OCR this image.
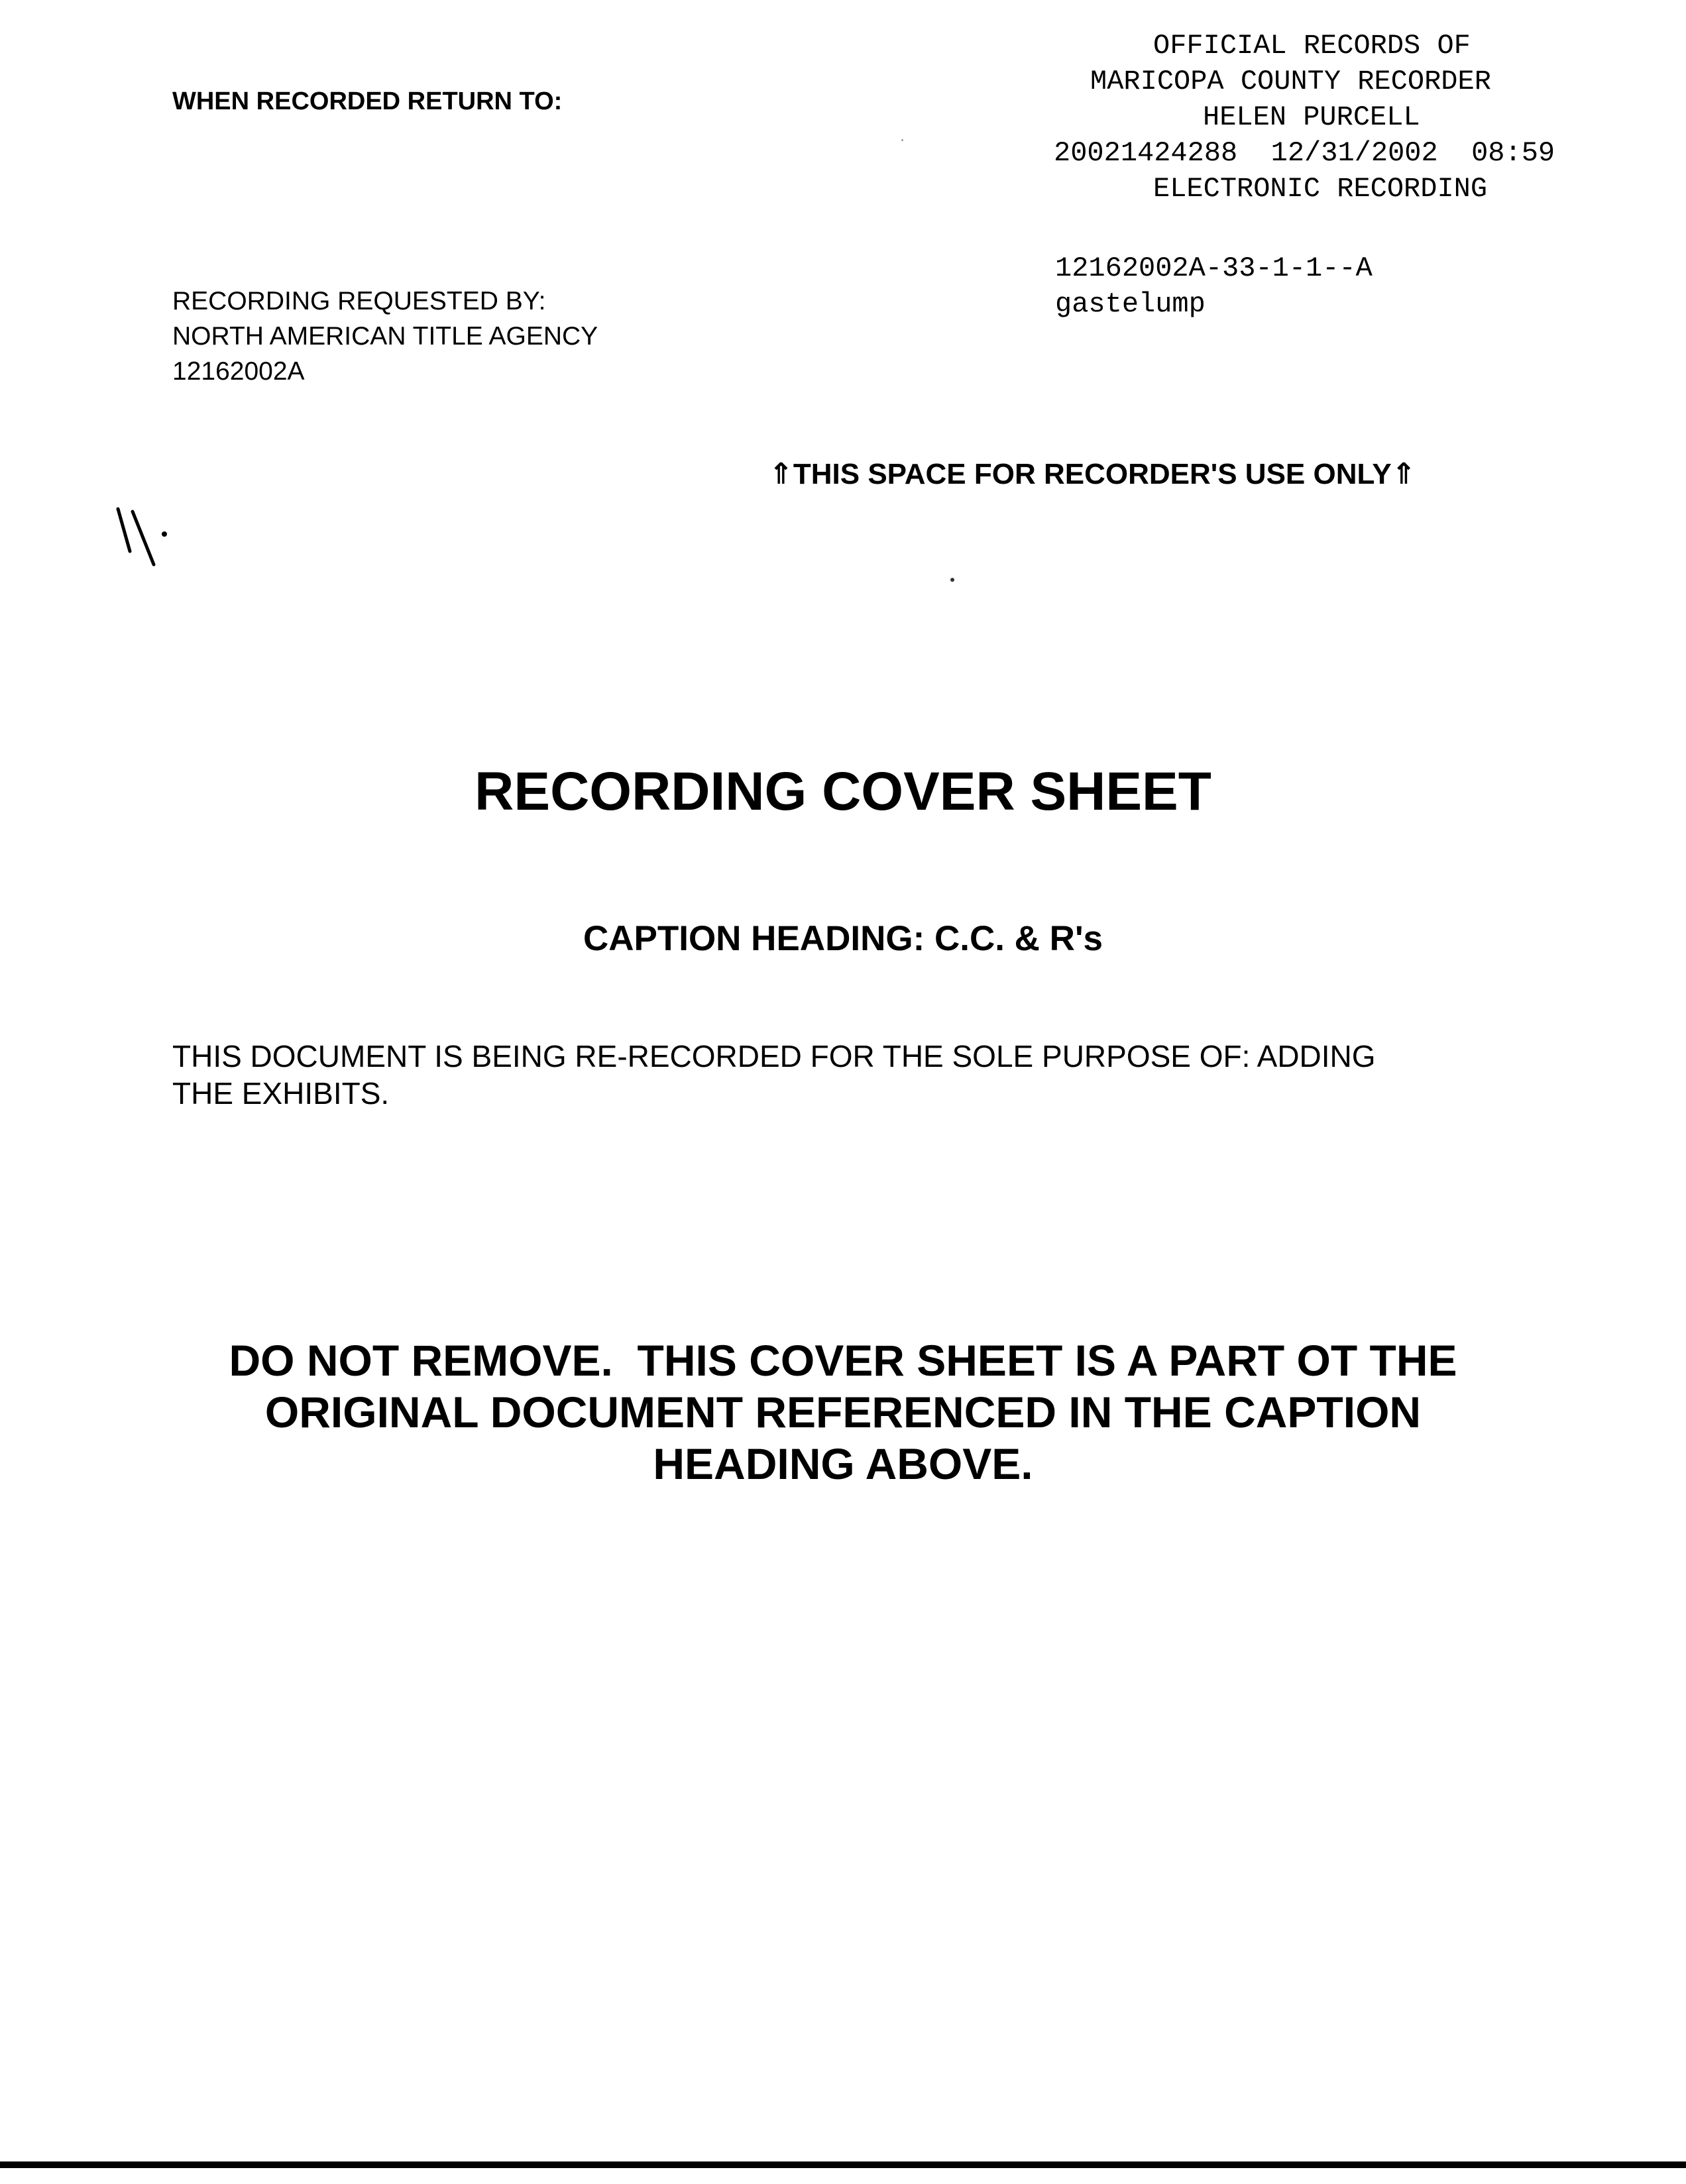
WHEN RECORDED RETURN TO:
OFFICIAL RECORDS OF
MARICOPA COUNTY RECORDER
HELEN PURCELL
20021424288  12/31/2002  08:59
ELECTRONIC RECORDING
12162002A-33-1-1--A
gastelump
RECORDING REQUESTED BY:
NORTH AMERICAN TITLE AGENCY
12162002A
⇑THIS SPACE FOR RECORDER'S USE ONLY⇑
RECORDING COVER SHEET
CAPTION HEADING: C.C. & R's
THIS DOCUMENT IS BEING RE-RECORDED FOR THE SOLE PURPOSE OF: ADDING
THE EXHIBITS.
DO NOT REMOVE.  THIS COVER SHEET IS A PART OT THE
ORIGINAL DOCUMENT REFERENCED IN THE CAPTION
HEADING ABOVE.
